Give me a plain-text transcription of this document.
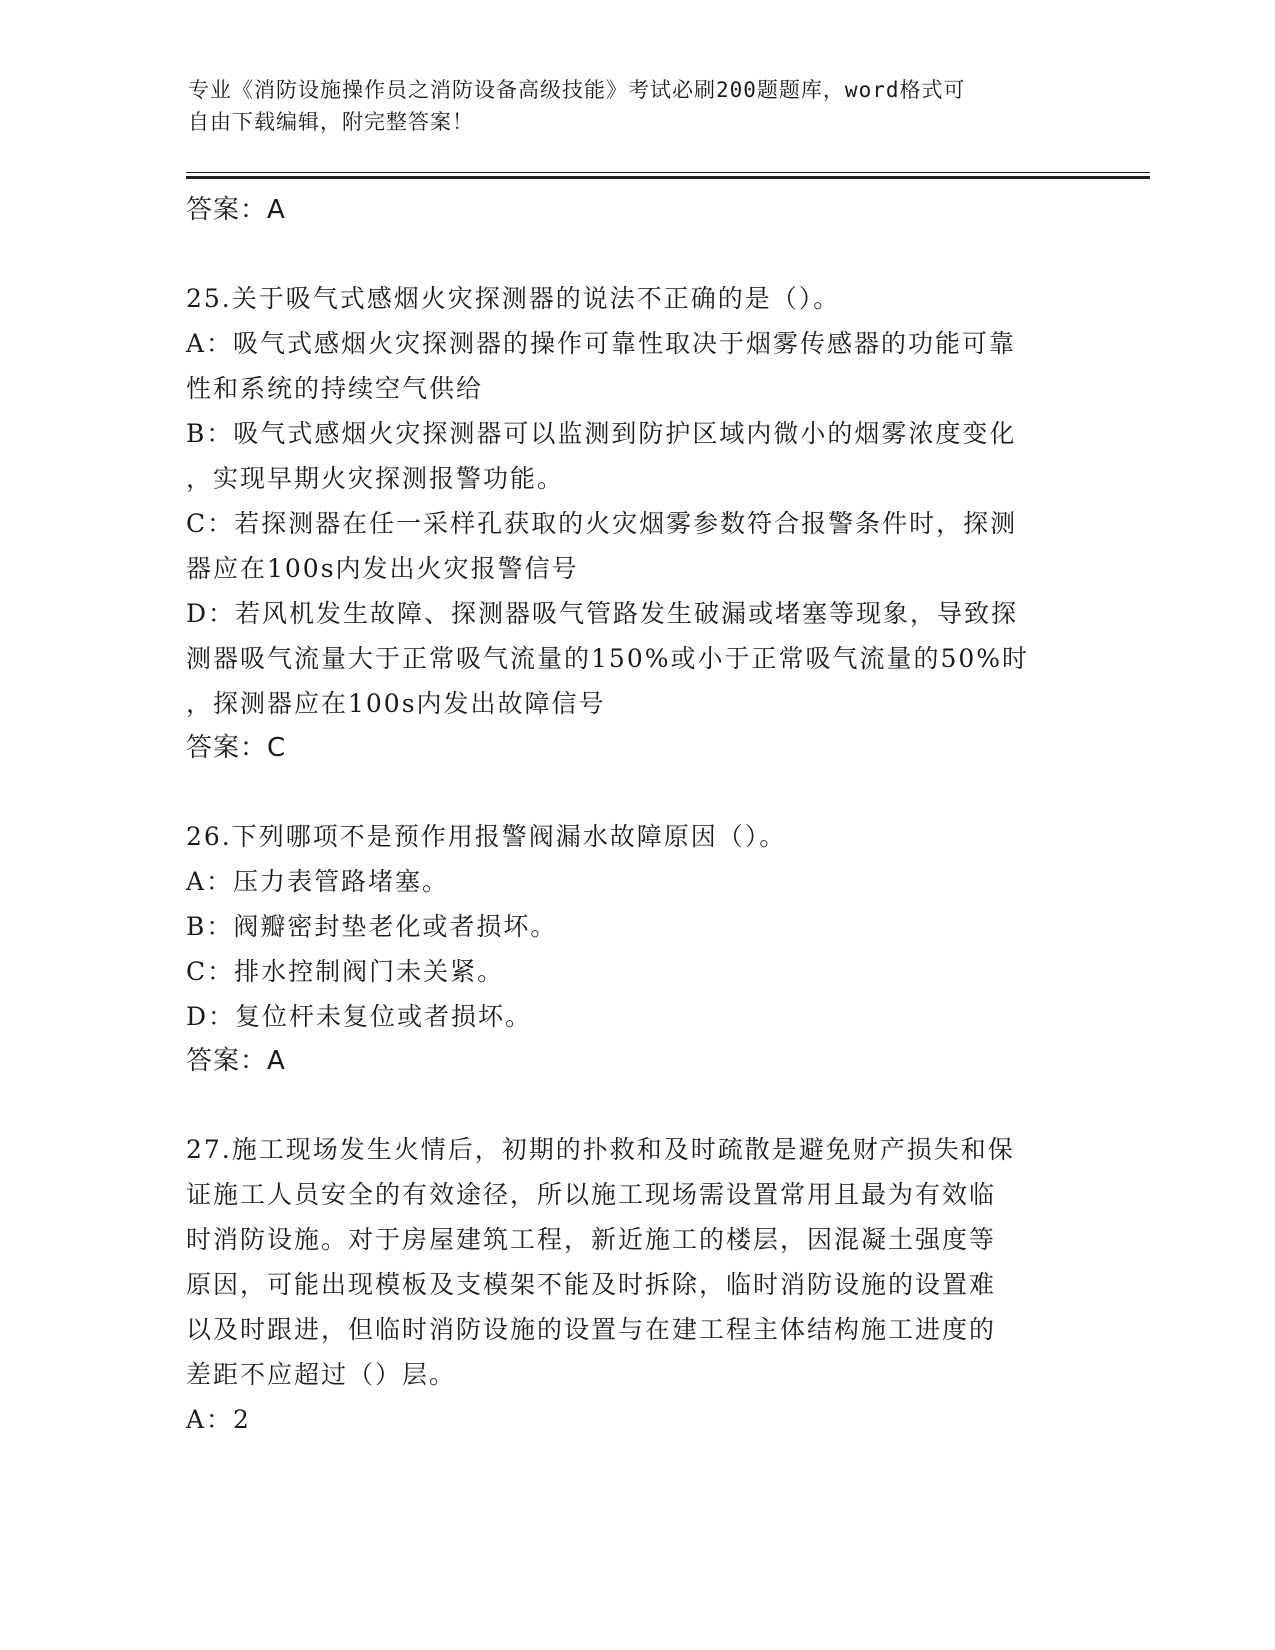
专业《消防设施操作员之消防设备高级技能》考试必刷200题题库，word格式可
自由下载编辑，附完整答案！
答案：A
25.关于吸气式感烟火灾探测器的说法不正确的是（）。
A：吸气式感烟火灾探测器的操作可靠性取决于烟雾传感器的功能可靠
性和系统的持续空气供给
B：吸气式感烟火灾探测器可以监测到防护区域内微小的烟雾浓度变化
，实现早期火灾探测报警功能。
C：若探测器在任一采样孔获取的火灾烟雾参数符合报警条件时，探测
器应在100s内发出火灾报警信号
D：若风机发生故障、探测器吸气管路发生破漏或堵塞等现象，导致探
测器吸气流量大于正常吸气流量的150%或小于正常吸气流量的50%时
，探测器应在100s内发出故障信号
答案：C
26.下列哪项不是预作用报警阀漏水故障原因（）。
A：压力表管路堵塞。
B：阀瓣密封垫老化或者损坏。
C：排水控制阀门未关紧。
D：复位杆未复位或者损坏。
答案：A
27.施工现场发生火情后，初期的扑救和及时疏散是避免财产损失和保
证施工人员安全的有效途径，所以施工现场需设置常用且最为有效临
时消防设施。对于房屋建筑工程，新近施工的楼层，因混凝土强度等
原因，可能出现模板及支模架不能及时拆除，临时消防设施的设置难
以及时跟进，但临时消防设施的设置与在建工程主体结构施工进度的
差距不应超过（）层。
A：2
